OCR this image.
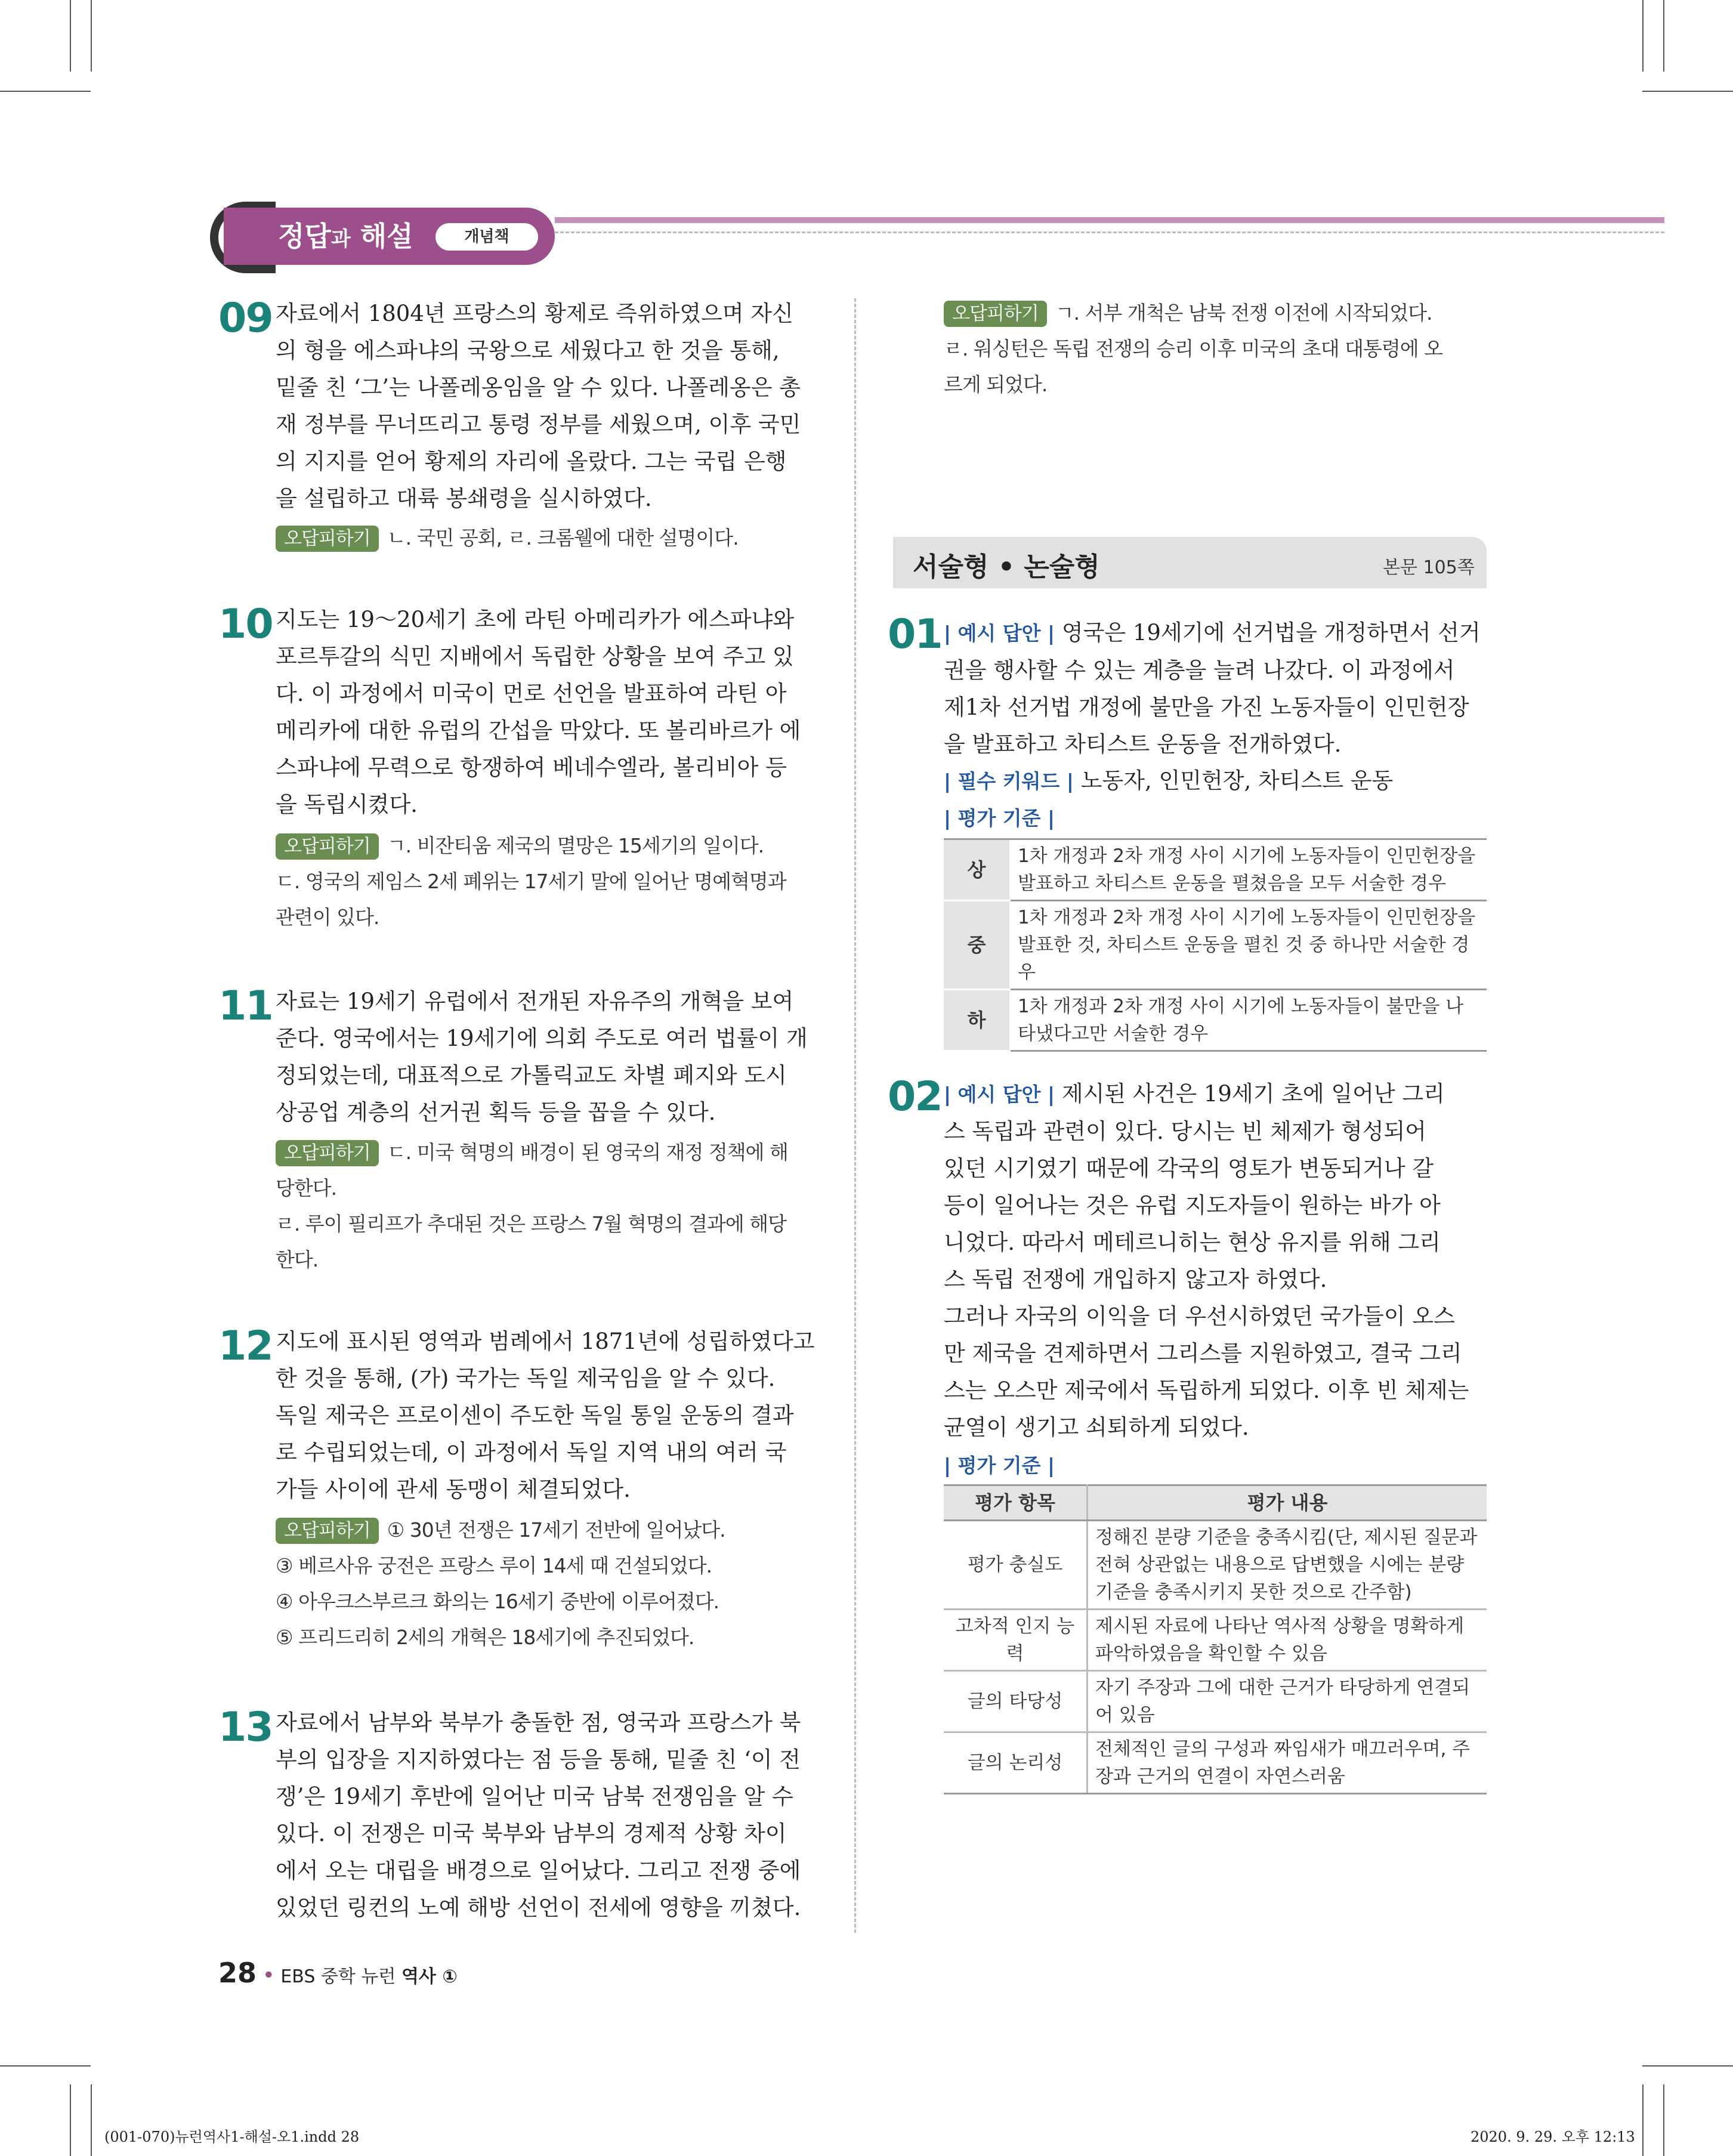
정답과 해설	개념책
09 자료에서 1804년 프랑스의 황제로 즉위하였으며 자신
의 형을 에스파냐의 국왕으로 세웠다고 한 것을 통해,
밑줄 친 ‘그’는 나폴레옹임을 알 수 있다. 나폴레옹은 총
재 정부를 무너뜨리고 통령 정부를 세웠으며, 이후 국민
의 지지를 얻어 황제의 자리에 올랐다. 그는 국립 은행
을 설립하고 대륙 봉쇄령을 실시하였다.
오답피하기 ㄴ. 국민 공회, ㄹ. 크롬웰에 대한 설명이다.
10 지도는 19～20세기 초에 라틴 아메리카가 에스파냐와
포르투갈의 식민 지배에서 독립한 상황을 보여 주고 있
다. 이 과정에서 미국이 먼로 선언을 발표하여 라틴 아
메리카에 대한 유럽의 간섭을 막았다. 또 볼리바르가 에
스파냐에 무력으로 항쟁하여 베네수엘라, 볼리비아 등
을 독립시켰다.
오답피하기 ㄱ. 비잔티움 제국의 멸망은 15세기의 일이다.
ㄷ. 영국의 제임스 2세 폐위는 17세기 말에 일어난 명예혁명과
관련이 있다.
11 자료는 19세기 유럽에서 전개된 자유주의 개혁을 보여
준다. 영국에서는 19세기에 의회 주도로 여러 법률이 개
정되었는데, 대표적으로 가톨릭교도 차별 폐지와 도시
상공업 계층의 선거권 획득 등을 꼽을 수 있다.
오답피하기 ㄷ. 미국 혁명의 배경이 된 영국의 재정 정책에 해
당한다.
ㄹ. 루이 필리프가 추대된 것은 프랑스 7월 혁명의 결과에 해당
한다.
12 지도에 표시된 영역과 범례에서 1871년에 성립하였다고
한 것을 통해, (가) 국가는 독일 제국임을 알 수 있다.
독일 제국은 프로이센이 주도한 독일 통일 운동의 결과
로 수립되었는데, 이 과정에서 독일 지역 내의 여러 국
가들 사이에 관세 동맹이 체결되었다.
오답피하기 ① 30년 전쟁은 17세기 전반에 일어났다.
③ 베르사유 궁전은 프랑스 루이 14세 때 건설되었다.
④ 아우크스부르크 화의는 16세기 중반에 이루어졌다.
⑤ 프리드리히 2세의 개혁은 18세기에 추진되었다.
13 자료에서 남부와 북부가 충돌한 점, 영국과 프랑스가 북
부의 입장을 지지하였다는 점 등을 통해, 밑줄 친 ‘이 전
쟁’은 19세기 후반에 일어난 미국 남북 전쟁임을 알 수
있다. 이 전쟁은 미국 북부와 남부의 경제적 상황 차이
에서 오는 대립을 배경으로 일어났다. 그리고 전쟁 중에
있었던 링컨의 노예 해방 선언이 전세에 영향을 끼쳤다.
오답피하기 ㄱ. 서부 개척은 남북 전쟁 이전에 시작되었다.
ㄹ. 워싱턴은 독립 전쟁의 승리 이후 미국의 초대 대통령에 오
르게 되었다.
서술형 • 논술형	본문 105쪽
01 | 예시 답안 | 영국은 19세기에 선거법을 개정하면서 선거
권을 행사할 수 있는 계층을 늘려 나갔다. 이 과정에서
제1차 선거법 개정에 불만을 가진 노동자들이 인민헌장
을 발표하고 차티스트 운동을 전개하였다.
| 필수 키워드 | 노동자, 인민헌장, 차티스트 운동
| 평가 기준 |
상	1차 개정과 2차 개정 사이 시기에 노동자들이 인민헌장을 발표하고 차티스트 운동을 펼쳤음을 모두 서술한 경우
중	1차 개정과 2차 개정 사이 시기에 노동자들이 인민헌장을 발표한 것, 차티스트 운동을 펼친 것 중 하나만 서술한 경우
하	1차 개정과 2차 개정 사이 시기에 노동자들이 불만을 나타냈다고만 서술한 경우
02 | 예시 답안 | 제시된 사건은 19세기 초에 일어난 그리
스 독립과 관련이 있다. 당시는 빈 체제가 형성되어
있던 시기였기 때문에 각국의 영토가 변동되거나 갈
등이 일어나는 것은 유럽 지도자들이 원하는 바가 아
니었다. 따라서 메테르니히는 현상 유지를 위해 그리
스 독립 전쟁에 개입하지 않고자 하였다.
그러나 자국의 이익을 더 우선시하였던 국가들이 오스
만 제국을 견제하면서 그리스를 지원하였고, 결국 그리
스는 오스만 제국에서 독립하게 되었다. 이후 빈 체제는
균열이 생기고 쇠퇴하게 되었다.
| 평가 기준 |
평가 항목	평가 내용
평가 충실도	정해진 분량 기준을 충족시킴(단, 제시된 질문과 전혀 상관없는 내용으로 답변했을 시에는 분량 기준을 충족시키지 못한 것으로 간주함)
고차적 인지 능력	제시된 자료에 나타난 역사적 상황을 명확하게 파악하였음을 확인할 수 있음
글의 타당성	자기 주장과 그에 대한 근거가 타당하게 연결되어 있음
글의 논리성	전체적인 글의 구성과 짜임새가 매끄러우며, 주장과 근거의 연결이 자연스러움
28 • EBS 중학 뉴런 역사 ①
(001-070)뉴런역사1-해설-오1.indd 28	2020. 9. 29. 오후 12:13
